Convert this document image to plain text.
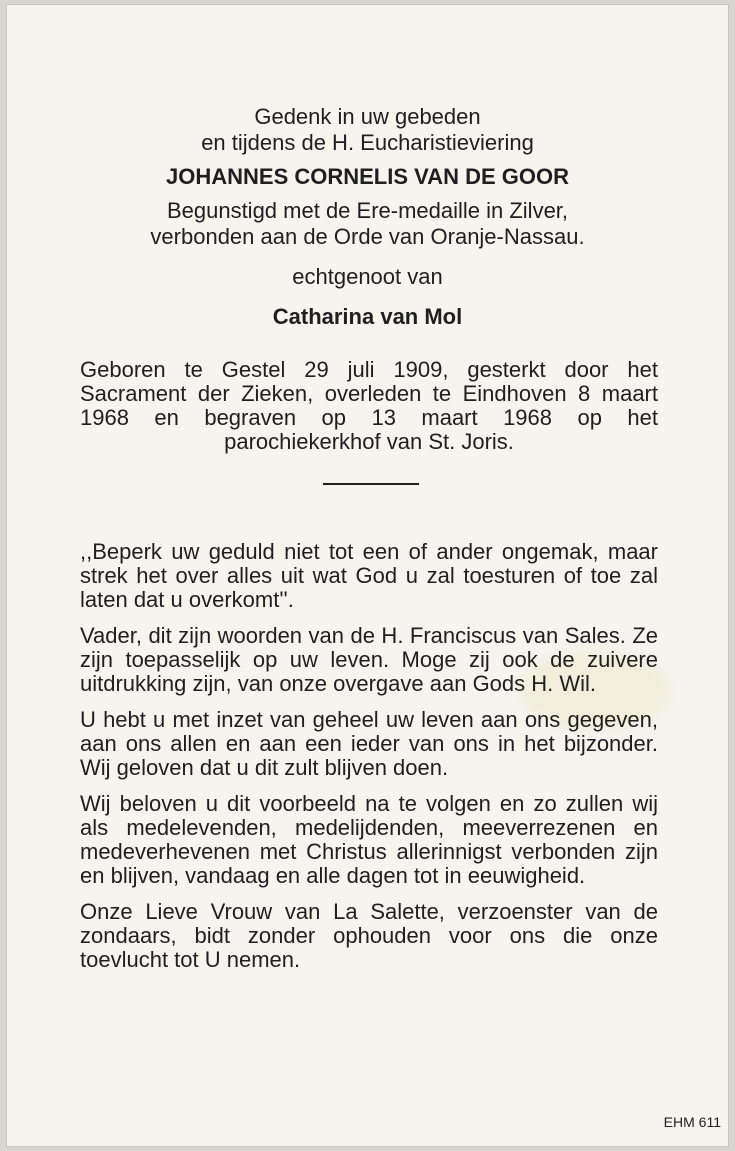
Gedenk in uw gebeden
en tijdens de H. Eucharistieviering
JOHANNES CORNELIS VAN DE GOOR
Begunstigd met de Ere-medaille in Zilver,
verbonden aan de Orde van Oranje-Nassau.
echtgenoot van
Catharina van Mol
Geboren te Gestel 29 juli 1909, gesterkt door het Sacrament der Zieken, overleden te Eindhoven 8 maart 1968 en begraven op 13 maart 1968 op het parochiekerkhof van St. Joris.

,,Beperk uw geduld niet tot een of ander ongemak, maar strek het over alles uit wat God u zal toesturen of toe zal laten dat u overkomt''.

Vader, dit zijn woorden van de H. Franciscus van Sales. Ze zijn toepasselijk op uw leven. Moge zij ook de zuivere uitdrukking zijn, van onze overgave aan Gods H. Wil.

U hebt u met inzet van geheel uw leven aan ons gegeven, aan ons allen en aan een ieder van ons in het bijzonder. Wij geloven dat u dit zult blijven doen.

Wij beloven u dit voorbeeld na te volgen en zo zullen wij als medelevenden, medelijdenden, meeverrezenen en medeverhevenen met Christus allerinnigst verbonden zijn en blijven, vandaag en alle dagen tot in eeuwigheid.

Onze Lieve Vrouw van La Salette, verzoenster van de zondaars, bidt zonder ophouden voor ons die onze toevlucht tot U nemen.

EHM 611
